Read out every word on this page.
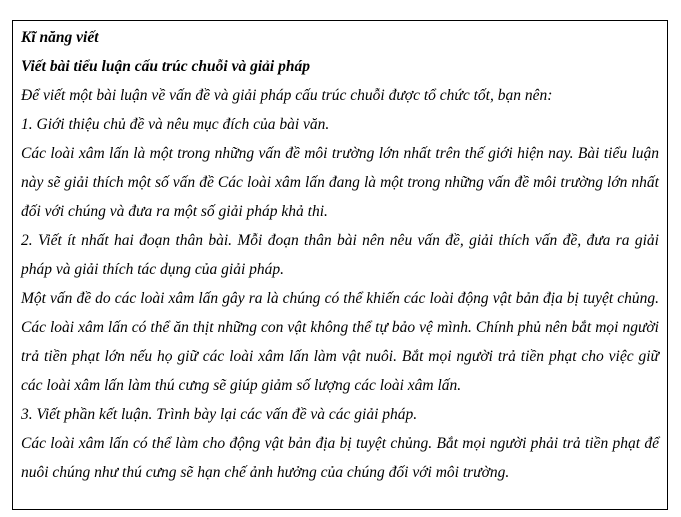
Kĩ năng viết

Viết bài tiểu luận cấu trúc chuỗi và giải pháp

Để viết một bài luận về vấn đề và giải pháp cấu trúc chuỗi được tổ chức tốt, bạn nên:

1. Giới thiệu chủ đề và nêu mục đích của bài văn.

Các loài xâm lấn là một trong những vấn đề môi trường lớn nhất trên thế giới hiện nay. Bài tiểu luận này sẽ giải thích một số vấn đề Các loài xâm lấn đang là một trong những vấn đề môi trường lớn nhất đối với chúng và đưa ra một số giải pháp khả thi.

2. Viết ít nhất hai đoạn thân bài. Mỗi đoạn thân bài nên nêu vấn đề, giải thích vấn đề, đưa ra giải pháp và giải thích tác dụng của giải pháp.

Một vấn đề do các loài xâm lấn gây ra là chúng có thể khiến các loài động vật bản địa bị tuyệt chủng. Các loài xâm lấn có thể ăn thịt những con vật không thể tự bảo vệ mình. Chính phủ nên bắt mọi người trả tiền phạt lớn nếu họ giữ các loài xâm lấn làm vật nuôi. Bắt mọi người trả tiền phạt cho việc giữ các loài xâm lấn làm thú cưng sẽ giúp giảm số lượng các loài xâm lấn.

3. Viết phần kết luận. Trình bày lại các vấn đề và các giải pháp.

Các loài xâm lấn có thể làm cho động vật bản địa bị tuyệt chủng. Bắt mọi người phải trả tiền phạt để nuôi chúng như thú cưng sẽ hạn chế ảnh hưởng của chúng đối với môi trường.
